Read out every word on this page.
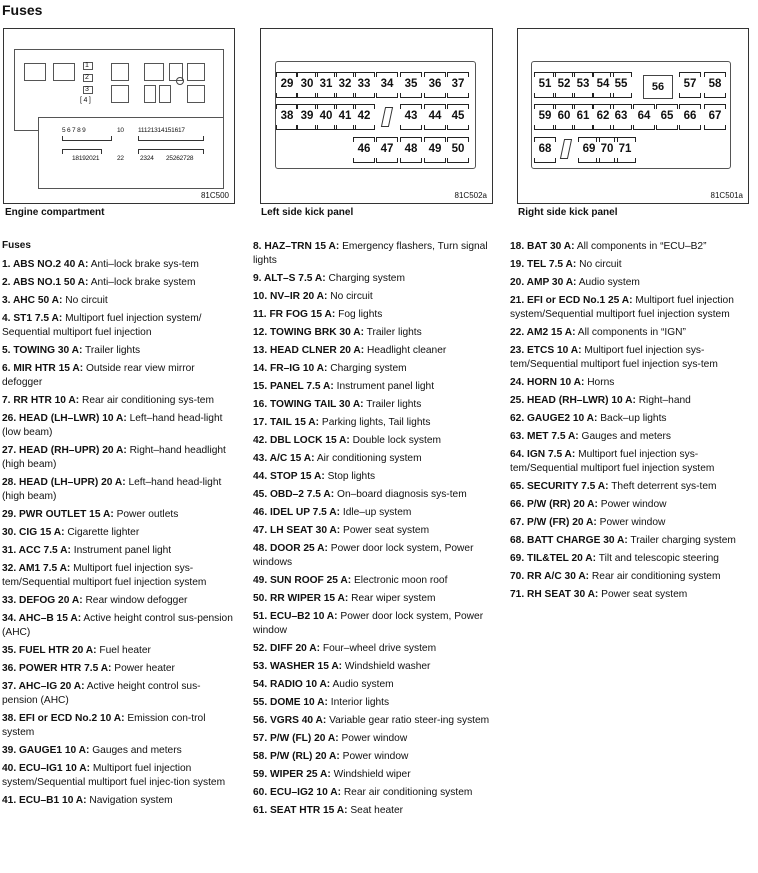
Fuses
1
2
3
[ 4 ]
5 6 7 8 9	10 11121314151617
18192021	22 2324 25262728
81C500
Engine compartment
29 30 31 32 33 34 35 36 37
38 39 40 41 42	43 44 45
46 47 48 49 50
81C502a
Left side kick panel
56
51 52 53 54 55	57	58
59 60 61 62 63 64 65 66	67
68	69 70 71
81C501a
Right side kick panel
Fuses
1. ABS NO.2 40 A: Anti–lock brake sys-tem
2. ABS NO.1 50 A: Anti–lock brake system
3. AHC 50 A: No circuit
4. ST1 7.5 A: Multiport fuel injection system/ Sequential multiport fuel injection
5. TOWING 30 A: Trailer lights
6. MIR HTR 15 A: Outside rear view mirror defogger
7. RR HTR 10 A: Rear air conditioning sys-tem
26. HEAD (LH–LWR) 10 A: Left–hand head-light (low beam)
27. HEAD (RH–UPR) 20 A: Right–hand headlight (high beam)
28. HEAD (LH–UPR) 20 A: Left–hand head-light (high beam)
29. PWR OUTLET 15 A: Power outlets
30. CIG 15 A: Cigarette lighter
31. ACC 7.5 A: Instrument panel light
32. AM1 7.5 A: Multiport fuel injection sys-tem/Sequential multiport fuel injection system
33. DEFOG 20 A: Rear window defogger
34. AHC–B 15 A: Active height control sus-pension (AHC)
35. FUEL HTR 20 A: Fuel heater
36. POWER HTR 7.5 A: Power heater
37. AHC–IG 20 A: Active height control sus-pension (AHC)
38. EFI or ECD No.2 10 A: Emission con-trol system
39. GAUGE1 10 A: Gauges and meters
40. ECU–IG1 10 A: Multiport fuel injection system/Sequential multiport fuel injec-tion system
41. ECU–B1 10 A: Navigation system
8. HAZ–TRN 15 A: Emergency flashers, Turn signal lights
9. ALT–S 7.5 A: Charging system
10. NV–IR 20 A: No circuit
11. FR FOG 15 A: Fog lights
12. TOWING BRK 30 A: Trailer lights
13. HEAD CLNER 20 A: Headlight cleaner
14. FR–IG 10 A: Charging system
15. PANEL 7.5 A: Instrument panel light
16. TOWING TAIL 30 A: Trailer lights
17. TAIL 15 A: Parking lights, Tail lights
42. DBL LOCK 15 A: Double lock system
43. A/C 15 A: Air conditioning system
44. STOP 15 A: Stop lights
45. OBD–2 7.5 A: On–board diagnosis sys-tem
46. IDEL UP 7.5 A: Idle–up system
47. LH SEAT 30 A: Power seat system
48. DOOR 25 A: Power door lock system, Power windows
49. SUN ROOF 25 A: Electronic moon roof
50. RR WIPER 15 A: Rear wiper system
51. ECU–B2 10 A: Power door lock system, Power window
52. DIFF 20 A: Four–wheel drive system
53. WASHER 15 A: Windshield washer
54. RADIO 10 A: Audio system
55. DOME 10 A: Interior lights
56. VGRS 40 A: Variable gear ratio steer-ing system
57. P/W (FL) 20 A: Power window
58. P/W (RL) 20 A: Power window
59. WIPER 25 A: Windshield wiper
60. ECU–IG2 10 A: Rear air conditioning system
61. SEAT HTR 15 A: Seat heater
18. BAT 30 A: All components in “ECU–B2”
19. TEL 7.5 A: No circuit
20. AMP 30 A: Audio system
21. EFI or ECD No.1 25 A: Multiport fuel injection system/Sequential multiport fuel injection system
22. AM2 15 A: All components in “IGN”
23. ETCS 10 A: Multiport fuel injection sys-tem/Sequential multiport fuel injection sys-tem
24. HORN 10 A: Horns
25. HEAD (RH–LWR) 10 A: Right–hand
62. GAUGE2 10 A: Back–up lights
63. MET 7.5 A: Gauges and meters
64. IGN 7.5 A: Multiport fuel injection sys-tem/Sequential multiport fuel injection system
65. SECURITY 7.5 A: Theft deterrent sys-tem
66. P/W (RR) 20 A: Power window
67. P/W (FR) 20 A: Power window
68. BATT CHARGE 30 A: Trailer charging system
69. TIL&TEL 20 A: Tilt and telescopic steering
70. RR A/C 30 A: Rear air conditioning system
71. RH SEAT 30 A: Power seat system
